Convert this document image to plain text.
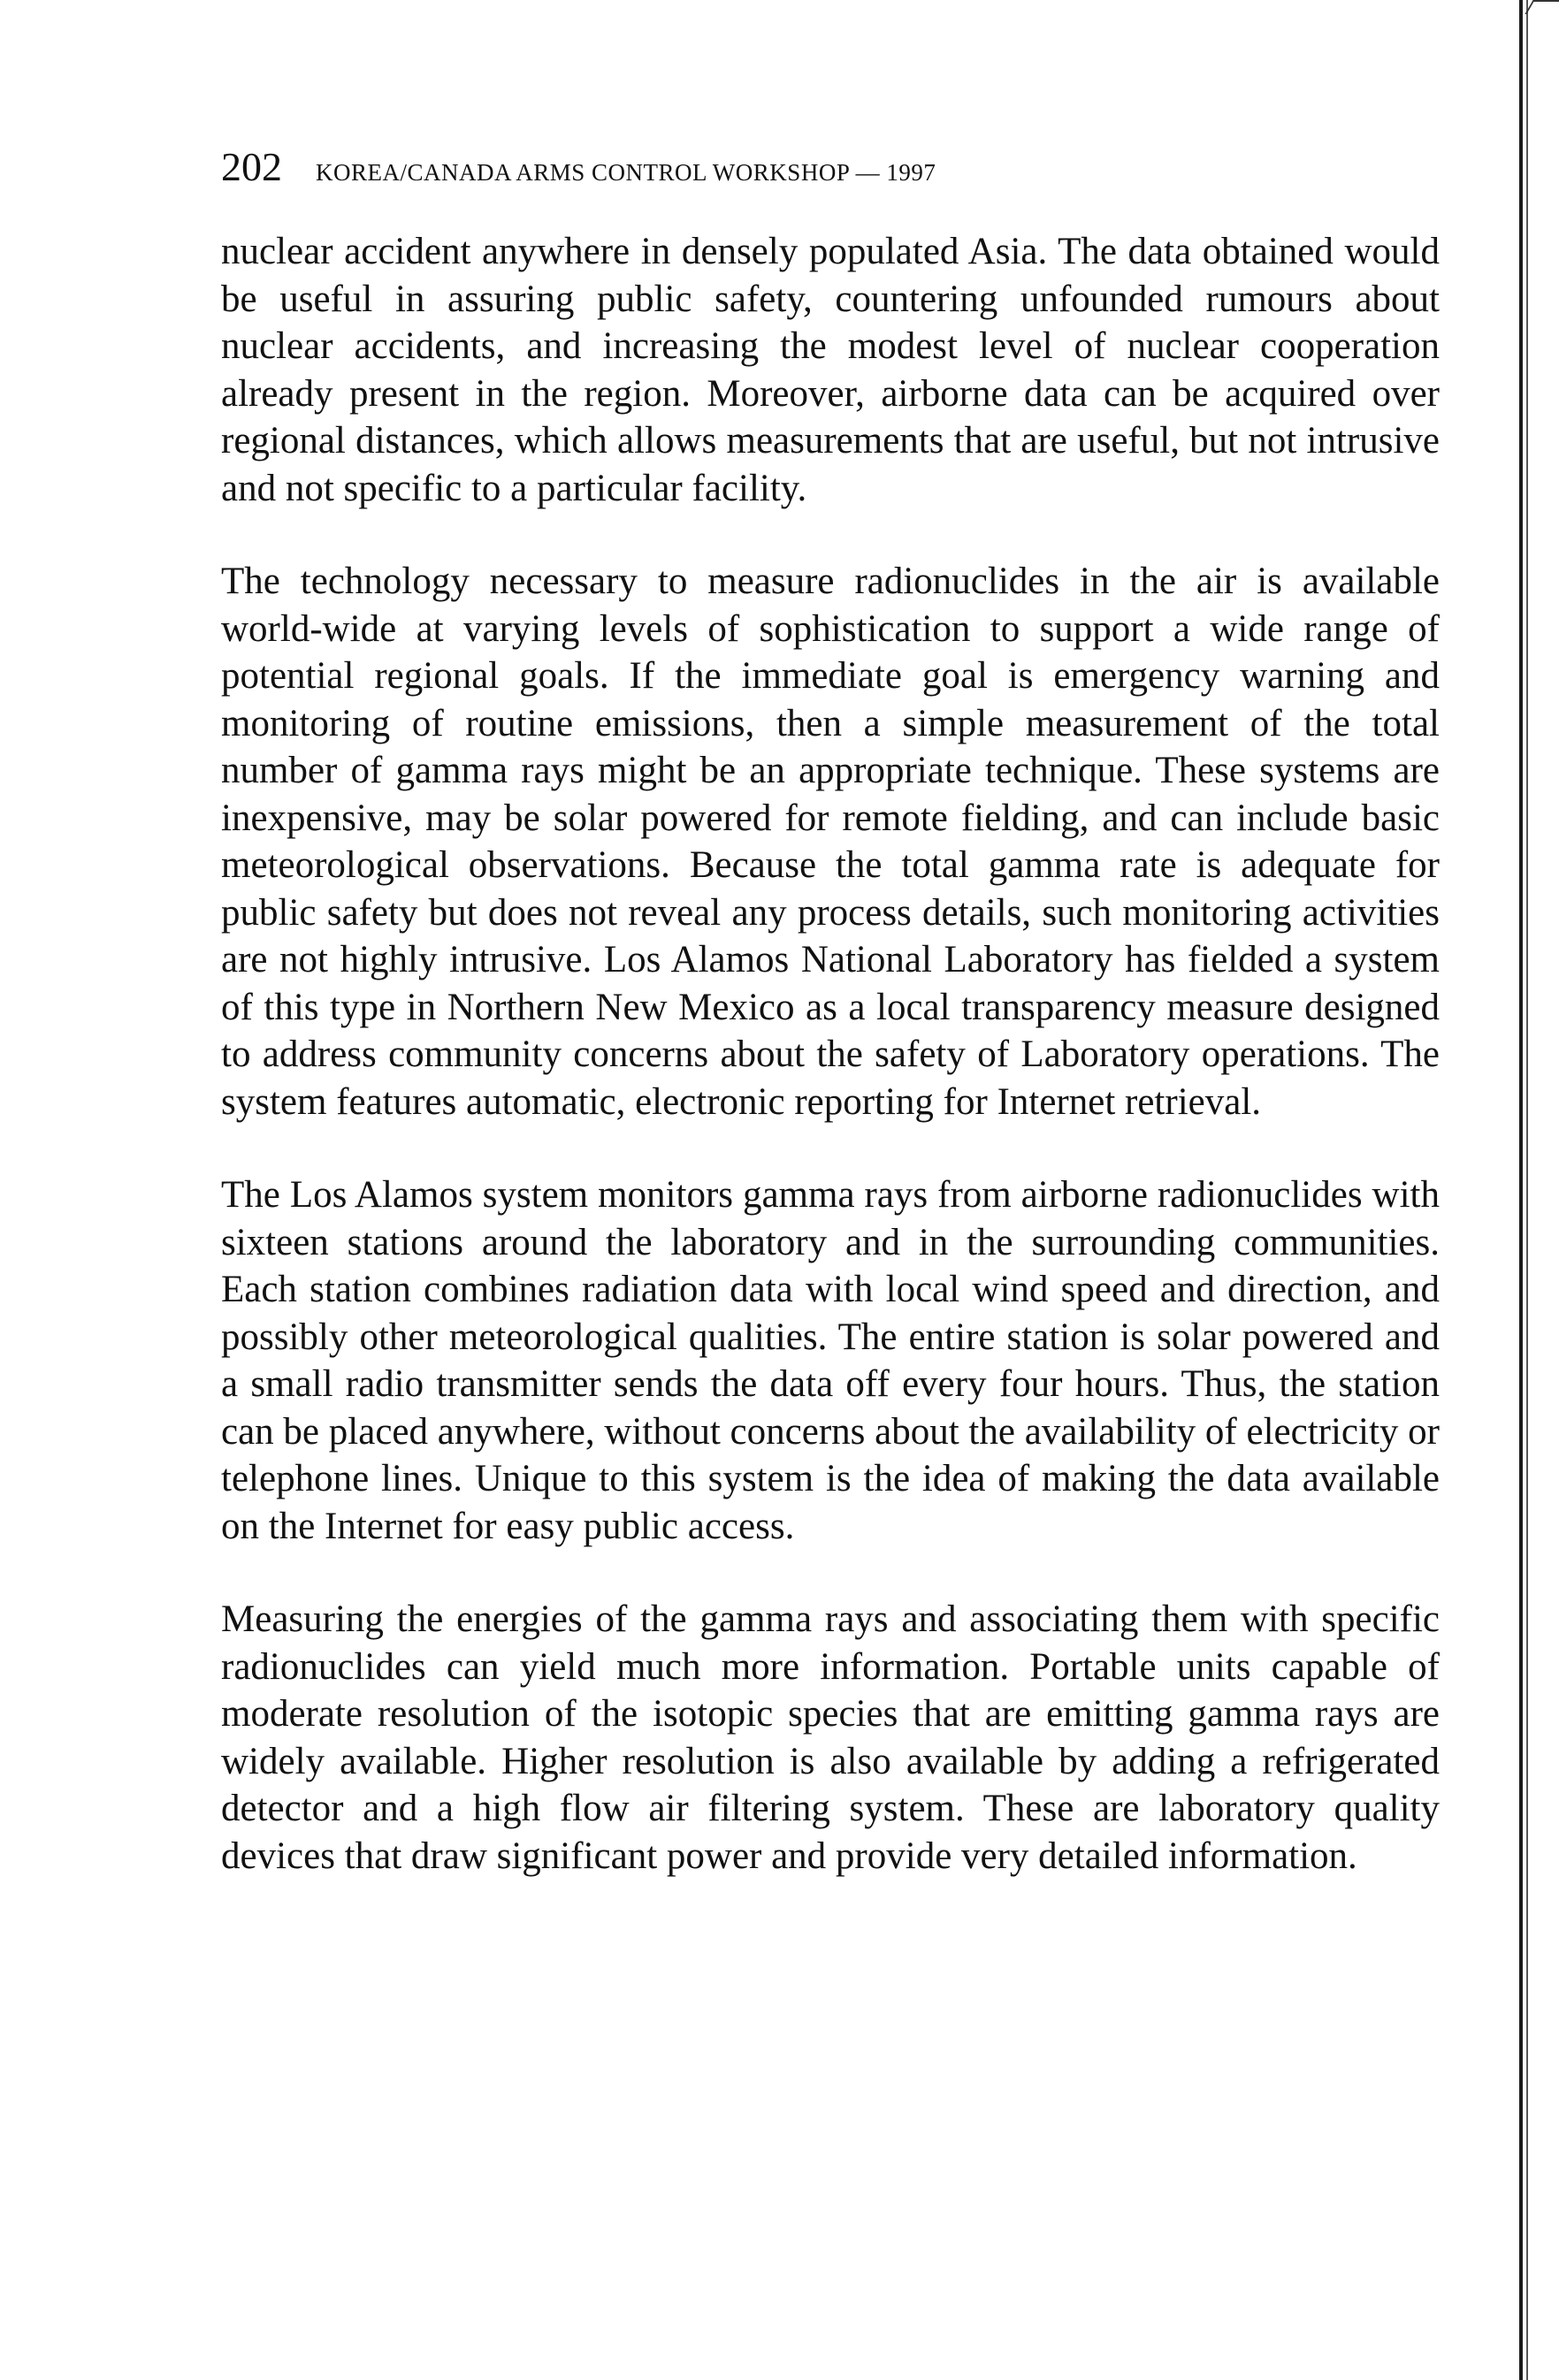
202 KOREA/CANADA ARMS CONTROL WORKSHOP — 1997

nuclear accident anywhere in densely populated Asia. The data obtained would be useful in assuring public safety, countering unfounded rumours about nuclear accidents, and increasing the modest level of nuclear cooperation already present in the region. Moreover, airborne data can be acquired over regional distances, which allows measurements that are useful, but not intrusive and not specific to a particular facility.

The technology necessary to measure radionuclides in the air is available world-wide at varying levels of sophistication to support a wide range of potential regional goals. If the immediate goal is emergency warning and monitoring of routine emissions, then a simple measurement of the total number of gamma rays might be an appropriate technique. These systems are inexpensive, may be solar powered for remote fielding, and can include basic meteorological observations. Because the total gamma rate is adequate for public safety but does not reveal any process details, such monitoring activities are not highly intrusive. Los Alamos National Laboratory has fielded a system of this type in Northern New Mexico as a local transparency measure designed to address community concerns about the safety of Laboratory operations. The system features automatic, electronic reporting for Internet retrieval.

The Los Alamos system monitors gamma rays from airborne radionuclides with sixteen stations around the laboratory and in the surrounding communities. Each station combines radiation data with local wind speed and direction, and possibly other meteorological qualities. The entire station is solar powered and a small radio transmitter sends the data off every four hours. Thus, the station can be placed anywhere, without concerns about the availability of electricity or telephone lines. Unique to this system is the idea of making the data available on the Internet for easy public access.

Measuring the energies of the gamma rays and associating them with specific radionuclides can yield much more information. Portable units capable of moderate resolution of the isotopic species that are emitting gamma rays are widely available. Higher resolution is also available by adding a refrigerated detector and a high flow air filtering system. These are laboratory quality devices that draw significant power and provide very detailed information.
